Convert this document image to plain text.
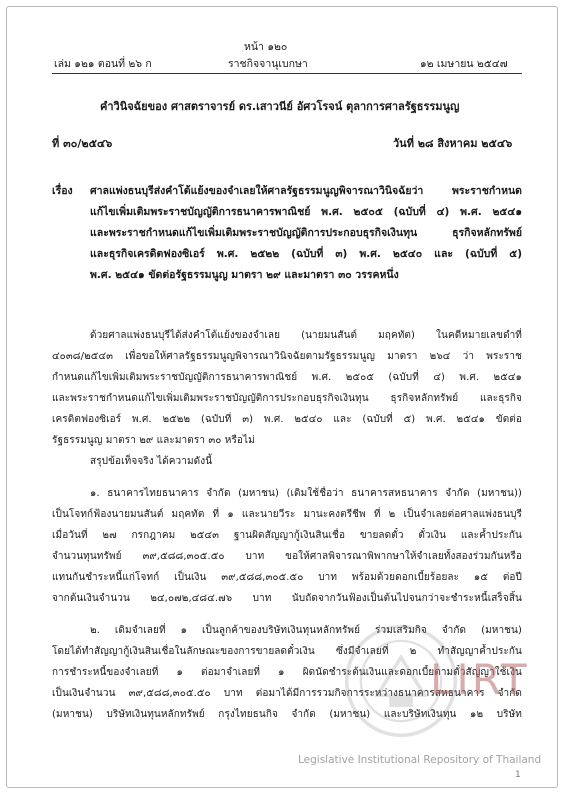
หน้า ๑๒๐
เล่ม ๑๒๑ ตอนที่ ๒๖ ก	ราชกิจจานุเบกษา	๑๒ เมษายน ๒๕๔๗
คำวินิจฉัยของ ศาสตราจารย์ ดร.เสาวนีย์ อัศวโรจน์ ตุลาการศาลรัฐธรรมนูญ
ที่ ๓๐/๒๕๔๖	วันที่ ๒๘ สิงหาคม ๒๕๔๖
เรื่อง ศาลแพ่งธนบุรีส่งคำโต้แย้งของจำเลยให้ศาลรัฐธรรมนูญพิจารณาวินิจฉัยว่า พระราชกำหนด
แก้ไขเพิ่มเติมพระราชบัญญัติการธนาคารพาณิชย์ พ.ศ. ๒๕๐๕ (ฉบับที่ ๔) พ.ศ. ๒๕๔๑
และพระราชกำหนดแก้ไขเพิ่มเติมพระราชบัญญัติการประกอบธุรกิจเงินทุน ธุรกิจหลักทรัพย์
และธุรกิจเครดิตฟองซิเอร์ พ.ศ. ๒๕๒๒ (ฉบับที่ ๓) พ.ศ. ๒๕๔๐ และ (ฉบับที่ ๕)
พ.ศ. ๒๕๔๑ ขัดต่อรัฐธรรมนูญ มาตรา ๒๙ และมาตรา ๓๐ วรรคหนึ่ง
ด้วยศาลแพ่งธนบุรีได้ส่งคำโต้แย้งของจำเลย (นายมนสันต์ มฤคทัต) ในคดีหมายเลขดำที่
๔๐๓๘/๒๕๔๓ เพื่อขอให้ศาลรัฐธรรมนูญพิจารณาวินิจฉัยตามรัฐธรรมนูญ มาตรา ๒๖๔ ว่า พระราช
กำหนดแก้ไขเพิ่มเติมพระราชบัญญัติการธนาคารพาณิชย์ พ.ศ. ๒๕๐๕ (ฉบับที่ ๔) พ.ศ. ๒๕๔๑
และพระราชกำหนดแก้ไขเพิ่มเติมพระราชบัญญัติการประกอบธุรกิจเงินทุน ธุรกิจหลักทรัพย์ และธุรกิจ
เครดิตฟองซิเอร์ พ.ศ. ๒๕๒๒ (ฉบับที่ ๓) พ.ศ. ๒๕๔๐ และ (ฉบับที่ ๕) พ.ศ. ๒๕๔๑ ขัดต่อ
รัฐธรรมนูญ มาตรา ๒๙ และมาตรา ๓๐ หรือไม่
สรุปข้อเท็จจริง ได้ความดังนี้
๑. ธนาคารไทยธนาคาร จำกัด (มหาชน) (เดิมใช้ชื่อว่า ธนาคารสหธนาคาร จำกัด (มหาชน))
เป็นโจทก์ฟ้องนายมนสันต์ มฤคทัต ที่ ๑ และนายวีระ มานะคงตรีชีพ ที่ ๒ เป็นจำเลยต่อศาลแพ่งธนบุรี
เมื่อวันที่ ๒๗ กรกฎาคม ๒๕๔๓ ฐานผิดสัญญากู้เงินสินเชื่อ ขายลดตั๋ว ตั๋วเงิน และค้ำประกัน
จำนวนทุนทรัพย์ ๓๙,๕๘๘,๓๐๕.๕๐ บาท ขอให้ศาลพิจารณาพิพากษาให้จำเลยทั้งสองร่วมกันหรือ
แทนกันชำระหนี้แก่โจทก์ เป็นเงิน ๓๙,๕๘๘,๓๐๕.๕๐ บาท พร้อมด้วยดอกเบี้ยร้อยละ ๑๕ ต่อปี
จากต้นเงินจำนวน ๒๔,๐๗๒,๔๘๔.๗๖ บาท นับถัดจากวันฟ้องเป็นต้นไปจนกว่าจะชำระหนี้เสร็จสิ้น
๒. เดิมจำเลยที่ ๑ เป็นลูกค้าของบริษัทเงินทุนหลักทรัพย์ ร่วมเสริมกิจ จำกัด (มหาชน)
โดยได้ทำสัญญากู้เงินสินเชื่อในลักษณะของการขายลดตั๋วเงิน ซึ่งมีจำเลยที่ ๒ ทำสัญญาค้ำประกัน
การชำระหนี้ของจำเลยที่ ๑ ต่อมาจำเลยที่ ๑ ผิดนัดชำระต้นเงินและดอกเบี้ยตามตั๋วสัญญาใช้เงิน
เป็นเงินจำนวน ๓๙,๕๘๘,๓๐๕.๕๐ บาท ต่อมาได้มีการรวมกิจการระหว่างธนาคารสหธนาคาร จำกัด
(มหาชน) บริษัทเงินทุนหลักทรัพย์ กรุงไทยธนกิจ จำกัด (มหาชน) และบริษัทเงินทุน ๑๒ บริษัท
LIRT
Legislative Institutional Repository of Thailand
1
